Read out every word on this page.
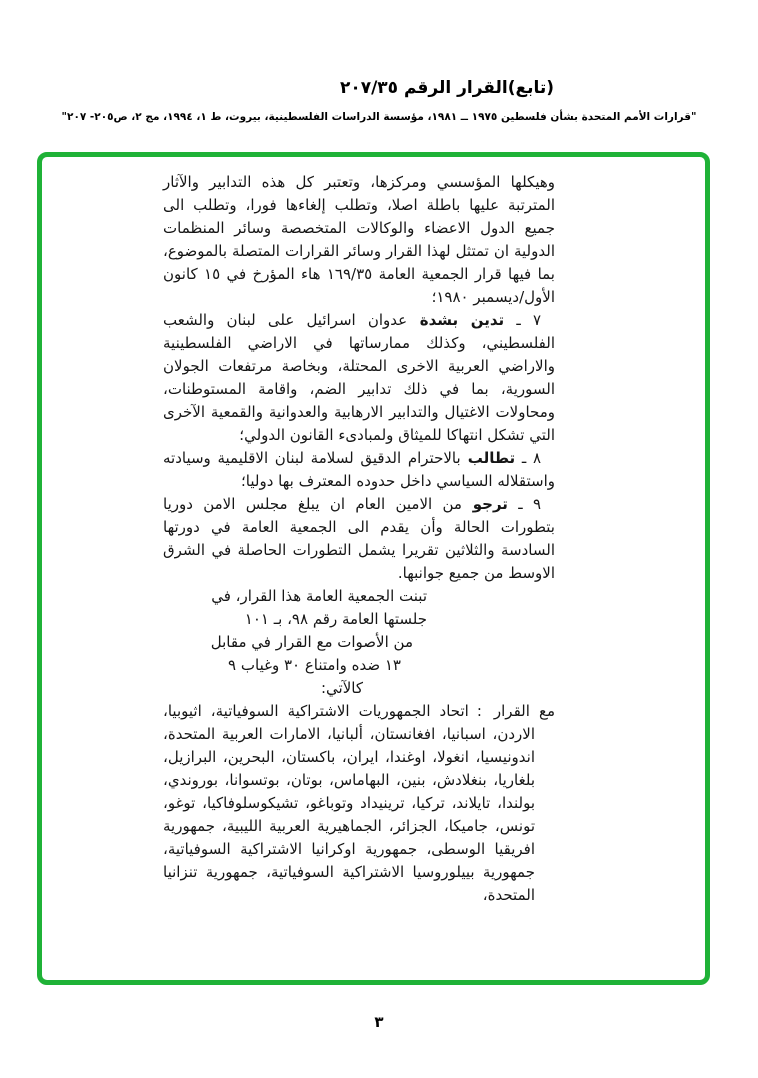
(تابع)القرار الرقم ٢٠٧/٣٥
"قرارات الأمم المتحدة بشأن فلسطين ١٩٧٥ ــ ١٩٨١، مؤسسة الدراسات الفلسطينية، بيروت، ط ١، ١٩٩٤، مج ٢، ص٢٠٥- ٢٠٧"

وهيكلها المؤسسي ومركزها، وتعتبر كل هذه التدابير والآثار المترتبة عليها باطلة اصلا، وتطلب إلغاءها فورا، وتطلب الى جميع الدول الاعضاء والوكالات المتخصصة وسائر المنظمات الدولية ان تمتثل لهذا القرار وسائر القرارات المتصلة بالموضوع، بما فيها قرار الجمعية العامة ١٦٩/٣٥ هاء المؤرخ في ١٥ كانون الأول/ديسمبر ١٩٨٠؛

٧ ـ تدين بشدة عدوان اسرائيل على لبنان والشعب الفلسطيني، وكذلك ممارساتها في الاراضي الفلسطينية والاراضي العربية الاخرى المحتلة، وبخاصة مرتفعات الجولان السورية، بما في ذلك تدابير الضم، واقامة المستوطنات، ومحاولات الاغتيال والتدابير الارهابية والعدوانية والقمعية الآخرى التي تشكل انتهاكا للميثاق ولمبادىء القانون الدولي؛

٨ ـ تطالب بالاحترام الدقيق لسلامة لبنان الاقليمية وسيادته واستقلاله السياسي داخل حدوده المعترف بها دوليا؛

٩ ـ ترجو من الامين العام ان يبلغ مجلس الامن دوريا بتطورات الحالة وأن يقدم الى الجمعية العامة في دورتها السادسة والثلاثين تقريرا يشمل التطورات الحاصلة في الشرق الاوسط من جميع جوانبها.

تبنت الجمعية العامة هذا القرار، في
جلستها العامة رقم ٩٨، بـ ١٠١
من الأصوات مع القرار في مقابل
١٣ ضده وامتناع ٣٠ وغياب ٩
كالآتي:

مع القرار:اتحاد الجمهوريات الاشتراكية السوفياتية، اثيوبيا، الاردن، اسبانيا، افغانستان، ألبانيا، الامارات العربية المتحدة، اندونيسيا، انغولا، اوغندا، ايران، باكستان، البحرين، البرازيل، بلغاريا، بنغلادش، بنين، البهاماس، بوتان، بوتسوانا، بوروندي، بولندا، تايلاند، تركيا، ترينيداد وتوباغو، تشيكوسلوفاكيا، توغو، تونس، جاميكا، الجزائر، الجماهيرية العربية الليبية، جمهورية افريقيا الوسطى، جمهورية اوكرانيا الاشتراكية السوفياتية، جمهورية بييلوروسيا الاشتراكية السوفياتية، جمهورية تنزانيا المتحدة،

٣
